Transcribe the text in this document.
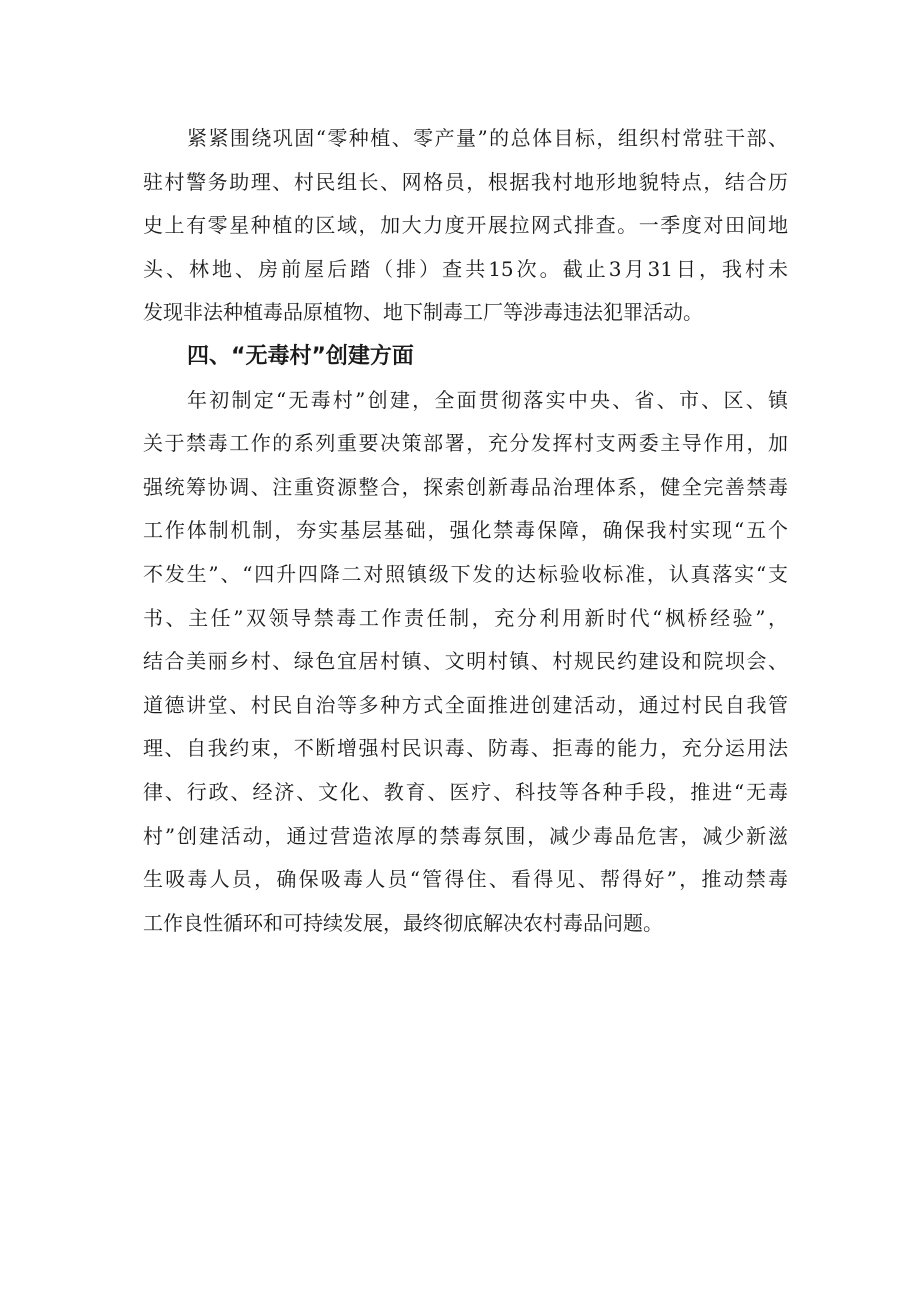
紧紧围绕巩固“零种植、零产量”的总体目标，组织村常驻干部、
驻村警务助理、村民组长、网格员，根据我村地形地貌特点，结合历
史上有零星种植的区域，加大力度开展拉网式排查。一季度对田间地
头、林地、房前屋后踏（排）查共15次。截止3月31日，我村未
发现非法种植毒品原植物、地下制毒工厂等涉毒违法犯罪活动。
四、“无毒村”创建方面
年初制定“无毒村”创建，全面贯彻落实中央、省、市、区、镇
关于禁毒工作的系列重要决策部署，充分发挥村支两委主导作用，加
强统筹协调、注重资源整合，探索创新毒品治理体系，健全完善禁毒
工作体制机制，夯实基层基础，强化禁毒保障，确保我村实现“五个
不发生”、“四升四降二对照镇级下发的达标验收标准，认真落实“支
书、主任”双领导禁毒工作责任制，充分利用新时代“枫桥经验”，
结合美丽乡村、绿色宜居村镇、文明村镇、村规民约建设和院坝会、
道德讲堂、村民自治等多种方式全面推进创建活动，通过村民自我管
理、自我约束，不断增强村民识毒、防毒、拒毒的能力，充分运用法
律、行政、经济、文化、教育、医疗、科技等各种手段，推进“无毒
村”创建活动，通过营造浓厚的禁毒氛围，减少毒品危害，减少新滋
生吸毒人员，确保吸毒人员“管得住、看得见、帮得好”，推动禁毒
工作良性循环和可持续发展，最终彻底解决农村毒品问题。
